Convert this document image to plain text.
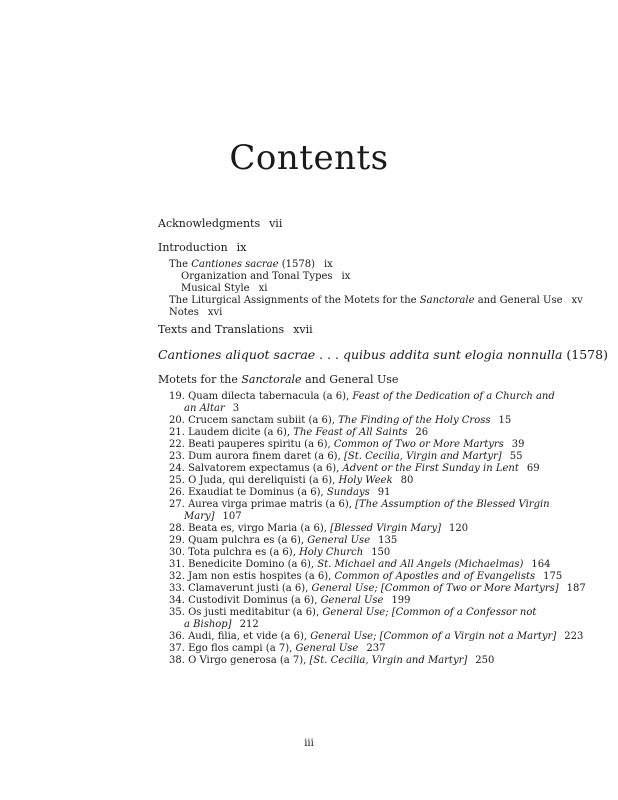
Contents
Acknowledgments vii
Introduction ix
The Cantiones sacrae (1578) ix
Organization and Tonal Types ix
Musical Style xi
The Liturgical Assignments of the Motets for the Sanctorale and General Use xv
Notes xvi
Texts and Translations xvii
Cantiones aliquot sacrae . . . quibus addita sunt elogia nonnulla (1578)
Motets for the Sanctorale and General Use
19. Quam dilecta tabernacula (a 6), Feast of the Dedication of a Church and
an Altar 3
20. Crucem sanctam subiit (a 6), The Finding of the Holy Cross 15
21. Laudem dicite (a 6), The Feast of All Saints 26
22. Beati pauperes spiritu (a 6), Common of Two or More Martyrs 39
23. Dum aurora finem daret (a 6), [St. Cecilia, Virgin and Martyr] 55
24. Salvatorem expectamus (a 6), Advent or the First Sunday in Lent 69
25. O Juda, qui dereliquisti (a 6), Holy Week 80
26. Exaudiat te Dominus (a 6), Sundays 91
27. Aurea virga primae matris (a 6), [The Assumption of the Blessed Virgin
Mary] 107
28. Beata es, virgo Maria (a 6), [Blessed Virgin Mary] 120
29. Quam pulchra es (a 6), General Use 135
30. Tota pulchra es (a 6), Holy Church 150
31. Benedicite Domino (a 6), St. Michael and All Angels (Michaelmas) 164
32. Jam non estis hospites (a 6), Common of Apostles and of Evangelists 175
33. Clamaverunt justi (a 6), General Use; [Common of Two or More Martyrs] 187
34. Custodivit Dominus (a 6), General Use 199
35. Os justi meditabitur (a 6), General Use; [Common of a Confessor not
a Bishop] 212
36. Audi, filia, et vide (a 6), General Use; [Common of a Virgin not a Martyr] 223
37. Ego flos campi (a 7), General Use 237
38. O Virgo generosa (a 7), [St. Cecilia, Virgin and Martyr] 250
iii
